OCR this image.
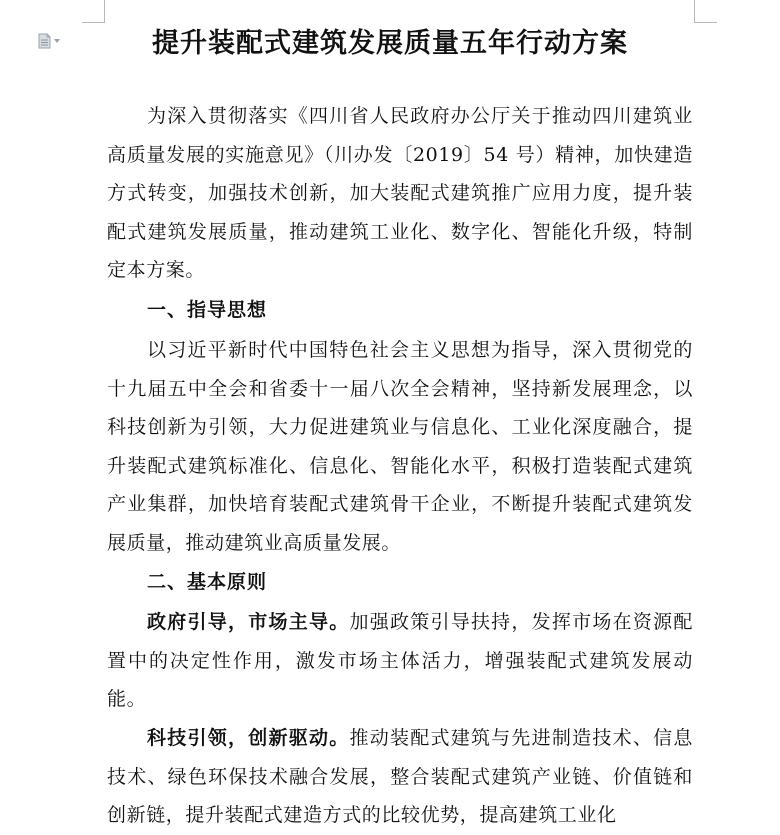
提升装配式建筑发展质量五年行动方案
为深入贯彻落实《四川省人民政府办公厅关于推动四川建筑业高质量发展的实施意见》（川办发〔2019〕54 号）精神，加快建造方式转变，加强技术创新，加大装配式建筑推广应用力度，提升装配式建筑发展质量，推动建筑工业化、数字化、智能化升级，特制定本方案。
一、指导思想
以习近平新时代中国特色社会主义思想为指导，深入贯彻党的十九届五中全会和省委十一届八次全会精神，坚持新发展理念，以科技创新为引领，大力促进建筑业与信息化、工业化深度融合，提升装配式建筑标准化、信息化、智能化水平，积极打造装配式建筑产业集群，加快培育装配式建筑骨干企业，不断提升装配式建筑发展质量，推动建筑业高质量发展。
二、基本原则
政府引导，市场主导。加强政策引导扶持，发挥市场在资源配置中的决定性作用，激发市场主体活力，增强装配式建筑发展动能。
科技引领，创新驱动。推动装配式建筑与先进制造技术、信息技术、绿色环保技术融合发展，整合装配式建筑产业链、价值链和创新链，提升装配式建造方式的比较优势，提高建筑工业化
